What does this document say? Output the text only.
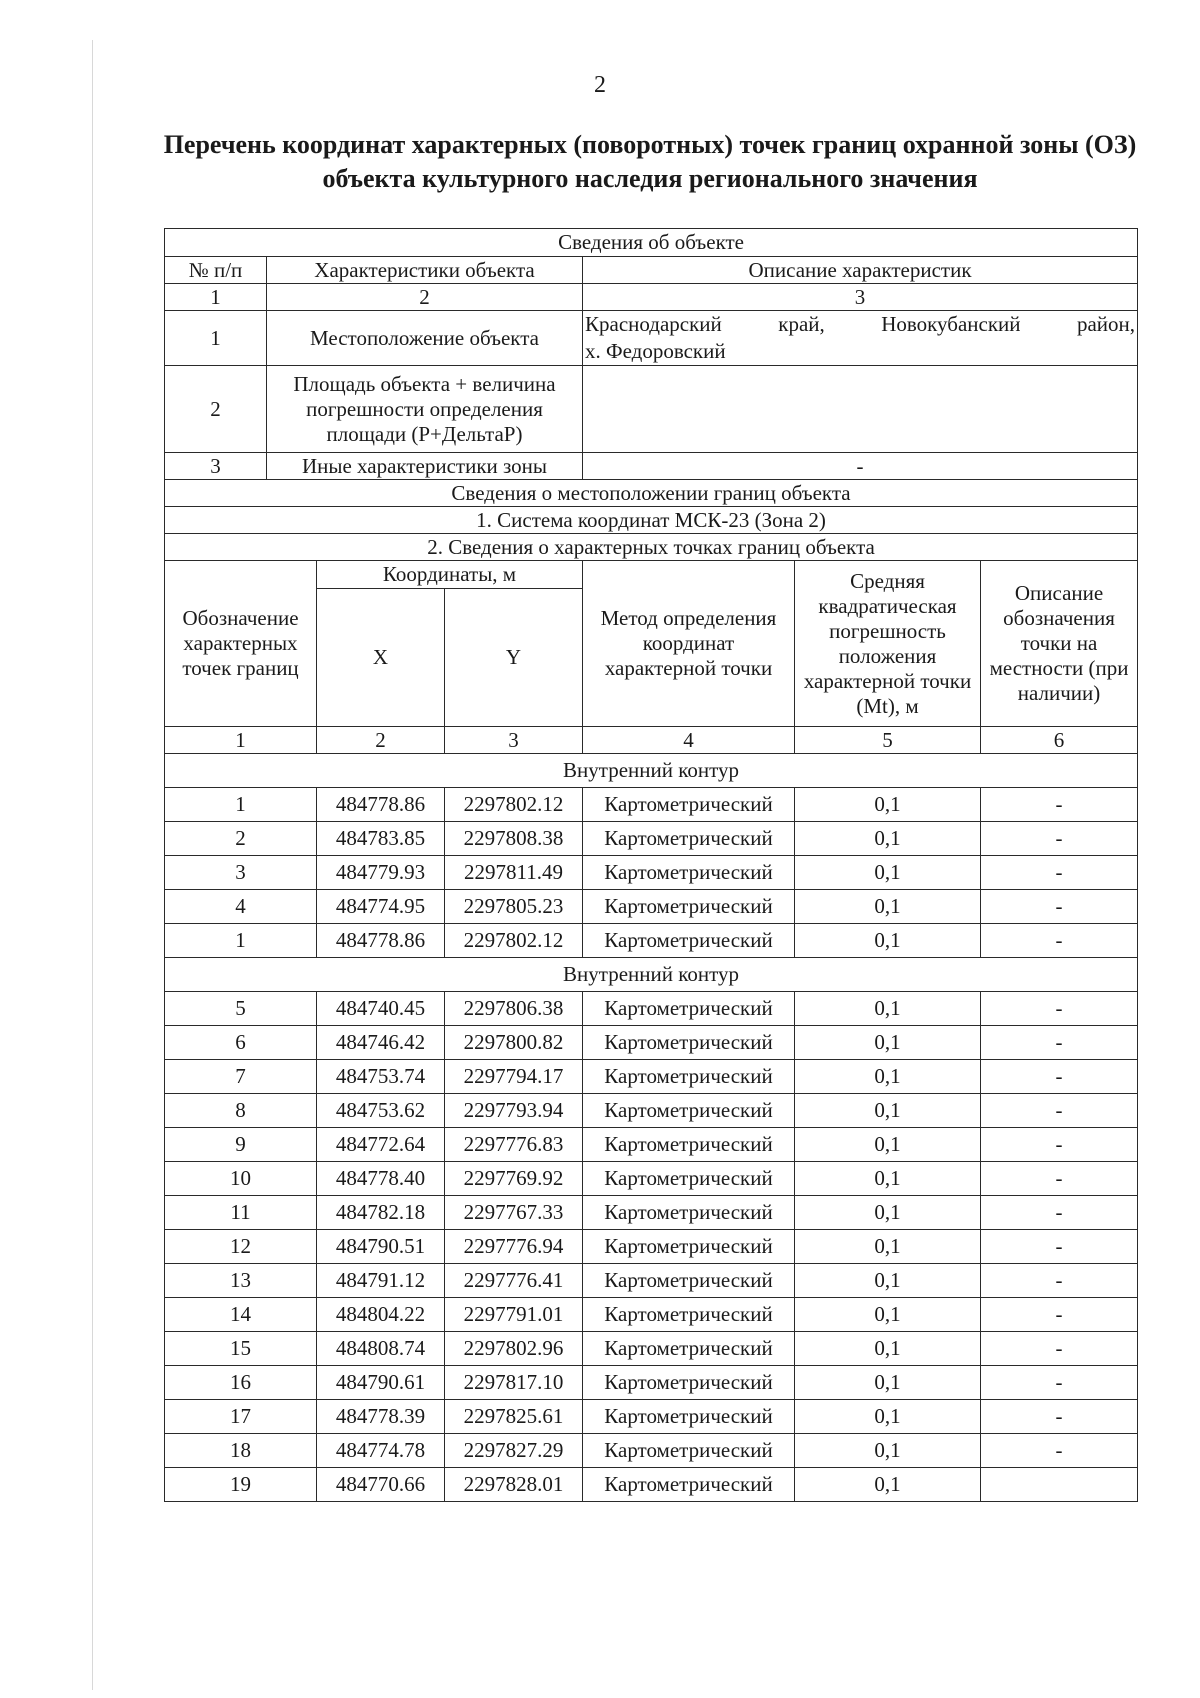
2
Перечень координат характерных (поворотных) точек границ охранной зоны (ОЗ) объекта культурного наследия регионального значения
Сведения об объекте						
№ п/п	Характеристики объекта			Описание характеристик		
1	2			3		
1	Местоположение объекта			Краснодарский край, Новокубанский район,
х. Федоровский		

2	Площадь объекта + величина погрешности определения площади (Р+ДельтаР)					
3	Иные характеристики зоны			-		
Сведения о местоположении границ объекта						
1. Система координат МСК-23 (Зона 2)						
2. Сведения о характерных точках границ объекта						
Обозначение характерных точек границ		Координаты, м		Метод определения координат характерной точки	Средняя квадратическая погрешность положения характерной точки (Mt), м	Описание обозначения точки на местности (при наличии)
		X	Y			
1		2	3	4	5	6
Внутренний контур						
1		484778.86	2297802.12	Картометрический	0,1	-
2		484783.85	2297808.38	Картометрический	0,1	-
3		484779.93	2297811.49	Картометрический	0,1	-
4		484774.95	2297805.23	Картометрический	0,1	-
1		484778.86	2297802.12	Картометрический	0,1	-
Внутренний контур						
5		484740.45	2297806.38	Картометрический	0,1	-
6		484746.42	2297800.82	Картометрический	0,1	-
7		484753.74	2297794.17	Картометрический	0,1	-
8		484753.62	2297793.94	Картометрический	0,1	-
9		484772.64	2297776.83	Картометрический	0,1	-
10		484778.40	2297769.92	Картометрический	0,1	-
11		484782.18	2297767.33	Картометрический	0,1	-
12		484790.51	2297776.94	Картометрический	0,1	-
13		484791.12	2297776.41	Картометрический	0,1	-
14		484804.22	2297791.01	Картометрический	0,1	-
15		484808.74	2297802.96	Картометрический	0,1	-
16		484790.61	2297817.10	Картометрический	0,1	-
17		484778.39	2297825.61	Картометрический	0,1	-
18		484774.78	2297827.29	Картометрический	0,1	-
19		484770.66	2297828.01	Картометрический	0,1	
